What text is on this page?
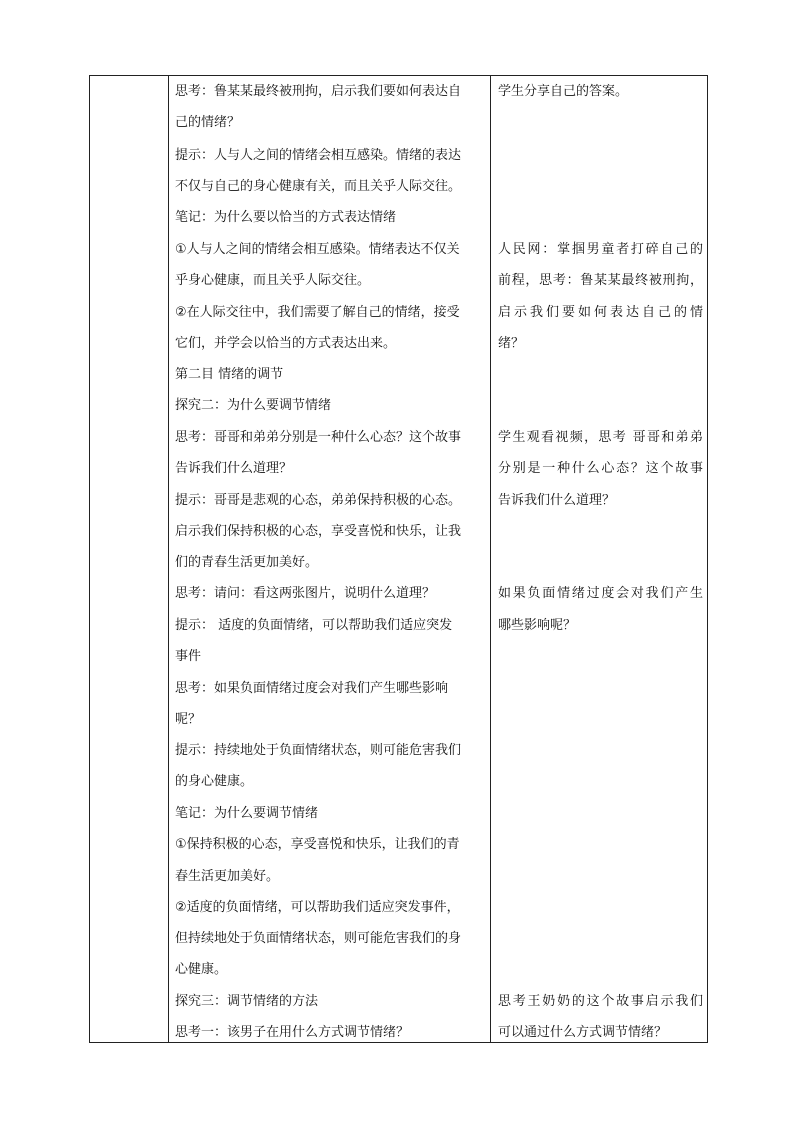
思考：鲁某某最终被刑拘，启示我们要如何表达自
己的情绪？
提示：人与人之间的情绪会相互感染。情绪的表达
不仅与自己的身心健康有关，而且关乎人际交往。
笔记：为什么要以恰当的方式表达情绪
①人与人之间的情绪会相互感染。情绪表达不仅关
乎身心健康，而且关乎人际交往。
②在人际交往中，我们需要了解自己的情绪，接受
它们，并学会以恰当的方式表达出来。
第二目 情绪的调节
探究二：为什么要调节情绪
思考：哥哥和弟弟分别是一种什么心态？这个故事
告诉我们什么道理？
提示：哥哥是悲观的心态，弟弟保持积极的心态。
启示我们保持积极的心态，享受喜悦和快乐，让我
们的青春生活更加美好。
思考：请问：看这两张图片，说明什么道理？
提示： 适度的负面情绪，可以帮助我们适应突发
事件
思考：如果负面情绪过度会对我们产生哪些影响
呢？
提示：持续地处于负面情绪状态，则可能危害我们
的身心健康。
笔记：为什么要调节情绪
①保持积极的心态，享受喜悦和快乐，让我们的青
春生活更加美好。
②适度的负面情绪，可以帮助我们适应突发事件，
但持续地处于负面情绪状态，则可能危害我们的身
心健康。
探究三：调节情绪的方法
思考一：该男子在用什么方式调节情绪？
学生分享自己的答案。
人民网：掌掴男童者打碎自己的
前程，思考：鲁某某最终被刑拘，
启示我们要如何表达自己的情
绪？
学生观看视频，思考 哥哥和弟弟
分别是一种什么心态？这个故事
告诉我们什么道理？
如果负面情绪过度会对我们产生
哪些影响呢？
思考王奶奶的这个故事启示我们
可以通过什么方式调节情绪？
